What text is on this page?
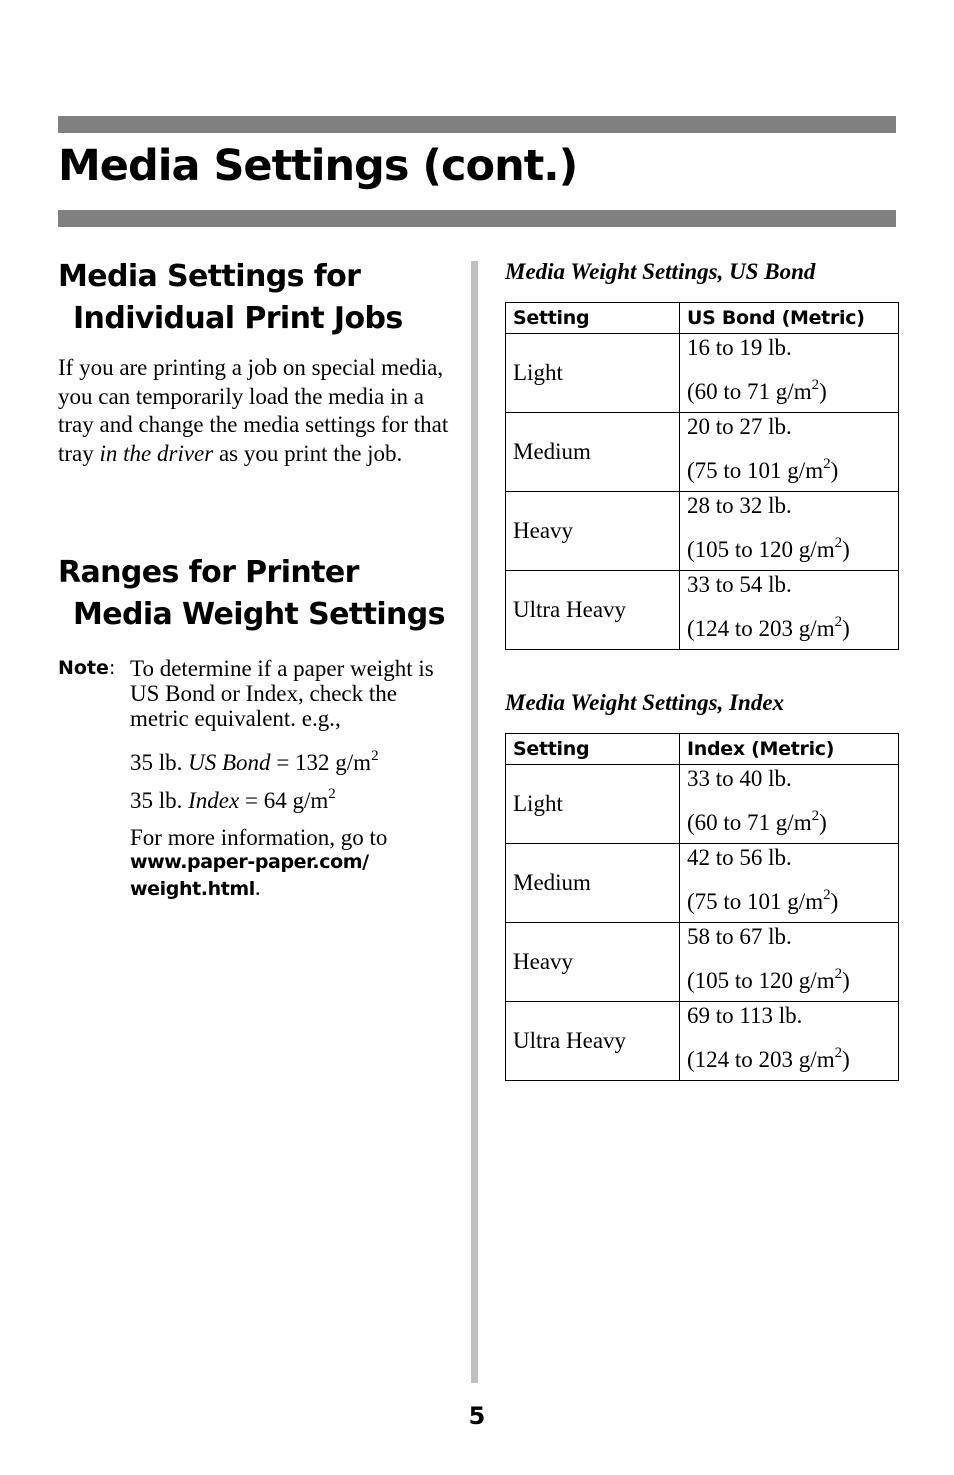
Media Settings (cont.)
Media Settings for
Individual Print Jobs

If you are printing a job on special media, you can temporarily load the media in a tray and change the media settings for that tray in the driver as you print the job.

Ranges for Printer
Media Weight Settings
Note: To determine if a paper weight is US Bond or Index, check the metric equivalent. e.g.,

35 lb. US Bond = 132 $g/m^2$

35 lb. Index = 64 $g/m^2$

For more information, go to
www.paper-paper.com/
weight.html.

Media Weight Settings, US Bond

Setting	US Bond (Metric)
Light	16 to 19 lb.
(60 to 71 $g/m^2$)

Medium	20 to 27 lb.
(75 to 101 $g/m^2$)

Heavy	28 to 32 lb.
(105 to 120 $g/m^2$)

Ultra Heavy	33 to 54 lb.
(124 to 203 $g/m^2$)

Media Weight Settings, Index

Setting	Index (Metric)
Light	33 to 40 lb.
(60 to 71 $g/m^2$)

Medium	42 to 56 lb.
(75 to 101 $g/m^2$)

Heavy	58 to 67 lb.
(105 to 120 $g/m^2$)

Ultra Heavy	69 to 113 lb.
(124 to 203 $g/m^2$)
5
